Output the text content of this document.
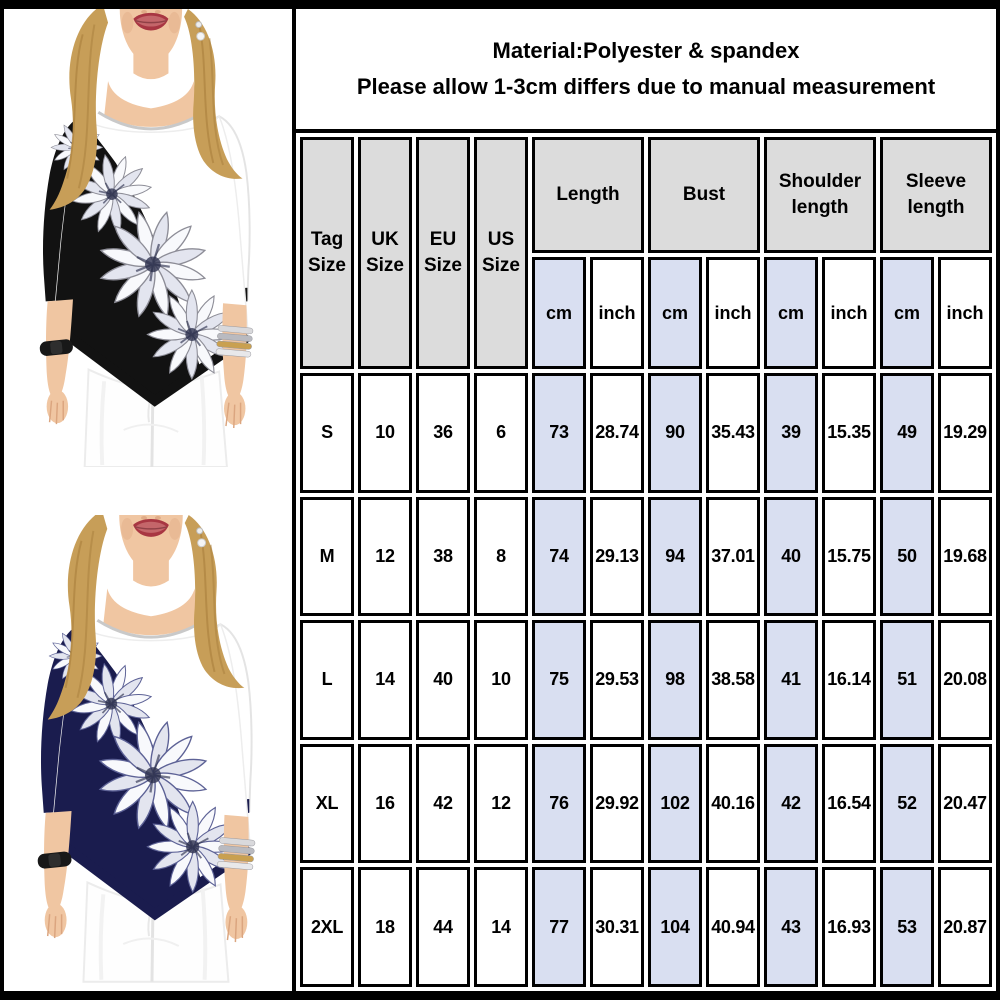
Material:Polyester & spandex
Please allow 1-3cm differs due to manual measurement
Tag Size	UK Size	EU Size	US Size	Length		Bust		Shoulder length		Sleeve length	
				cm	inch	cm	inch	cm	inch	cm	inch
S	10	36	6	73	28.74	90	35.43	39	15.35	49	19.29
M	12	38	8	74	29.13	94	37.01	40	15.75	50	19.68
L	14	40	10	75	29.53	98	38.58	41	16.14	51	20.08
XL	16	42	12	76	29.92	102	40.16	42	16.54	52	20.47
2XL	18	44	14	77	30.31	104	40.94	43	16.93	53	20.87
